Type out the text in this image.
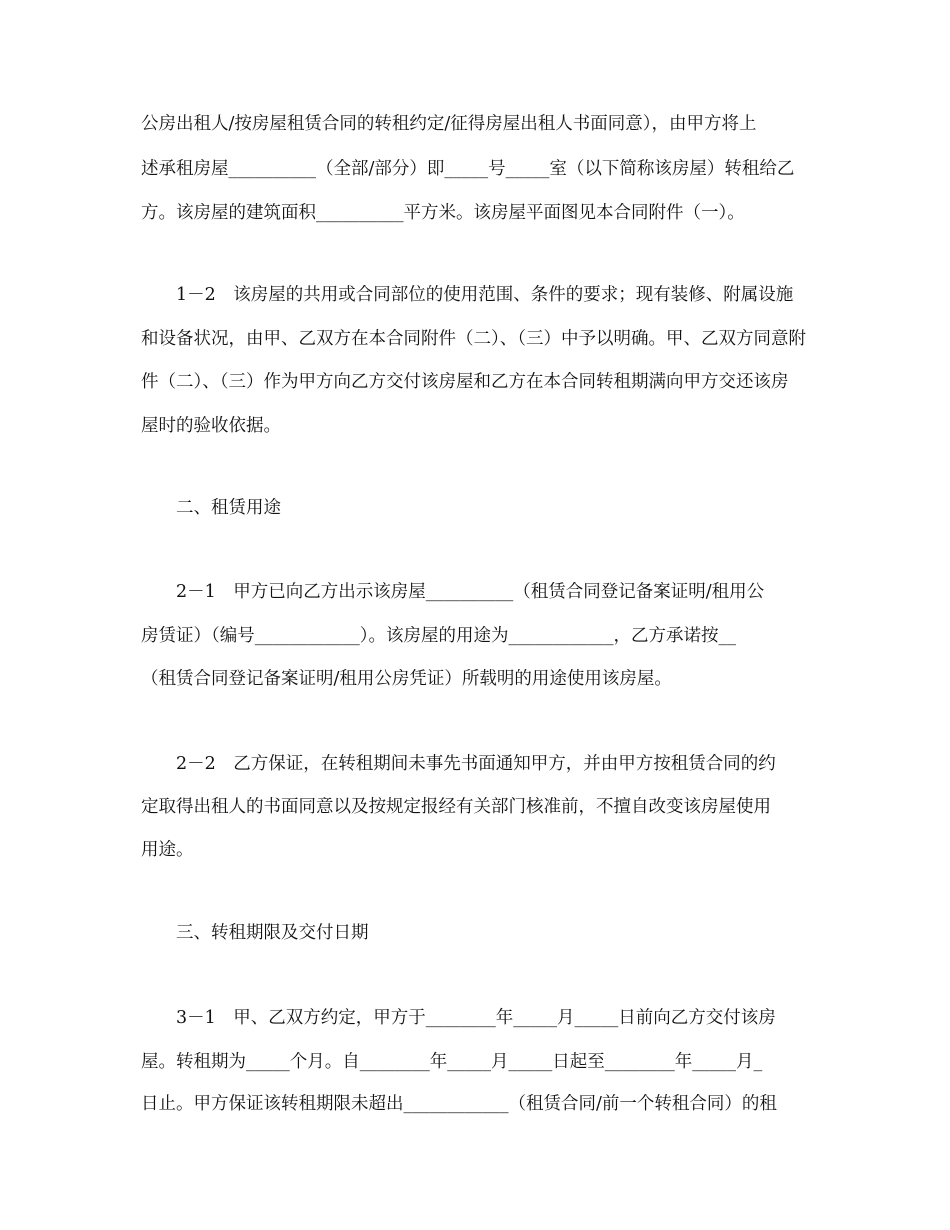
公房出租人/按房屋租赁合同的转租约定/征得房屋出租人书面同意），由甲方将上
述承租房屋__________（全部/部分）即_____号_____室（以下简称该房屋）转租给乙
方。该房屋的建筑面积__________平方米。该房屋平面图见本合同附件（一）。
1－2　该房屋的共用或合同部位的使用范围、条件的要求；现有装修、附属设施
和设备状况，由甲、乙双方在本合同附件（二）、（三）中予以明确。甲、乙双方同意附
件（二）、（三）作为甲方向乙方交付该房屋和乙方在本合同转租期满向甲方交还该房
屋时的验收依据。
二、租赁用途
2－1　甲方已向乙方出示该房屋__________（租赁合同登记备案证明/租用公
房赁证）（编号____________）。该房屋的用途为____________，乙方承诺按__
（租赁合同登记备案证明/租用公房凭证）所载明的用途使用该房屋。
2－2　乙方保证，在转租期间未事先书面通知甲方，并由甲方按租赁合同的约
定取得出租人的书面同意以及按规定报经有关部门核准前，不擅自改变该房屋使用
用途。
三、转租期限及交付日期
3－1　甲、乙双方约定，甲方于________年_____月_____日前向乙方交付该房
屋。转租期为_____个月。自________年_____月_____日起至________年_____月_
日止。甲方保证该转租期限未超出____________（租赁合同/前一个转租合同）的租
